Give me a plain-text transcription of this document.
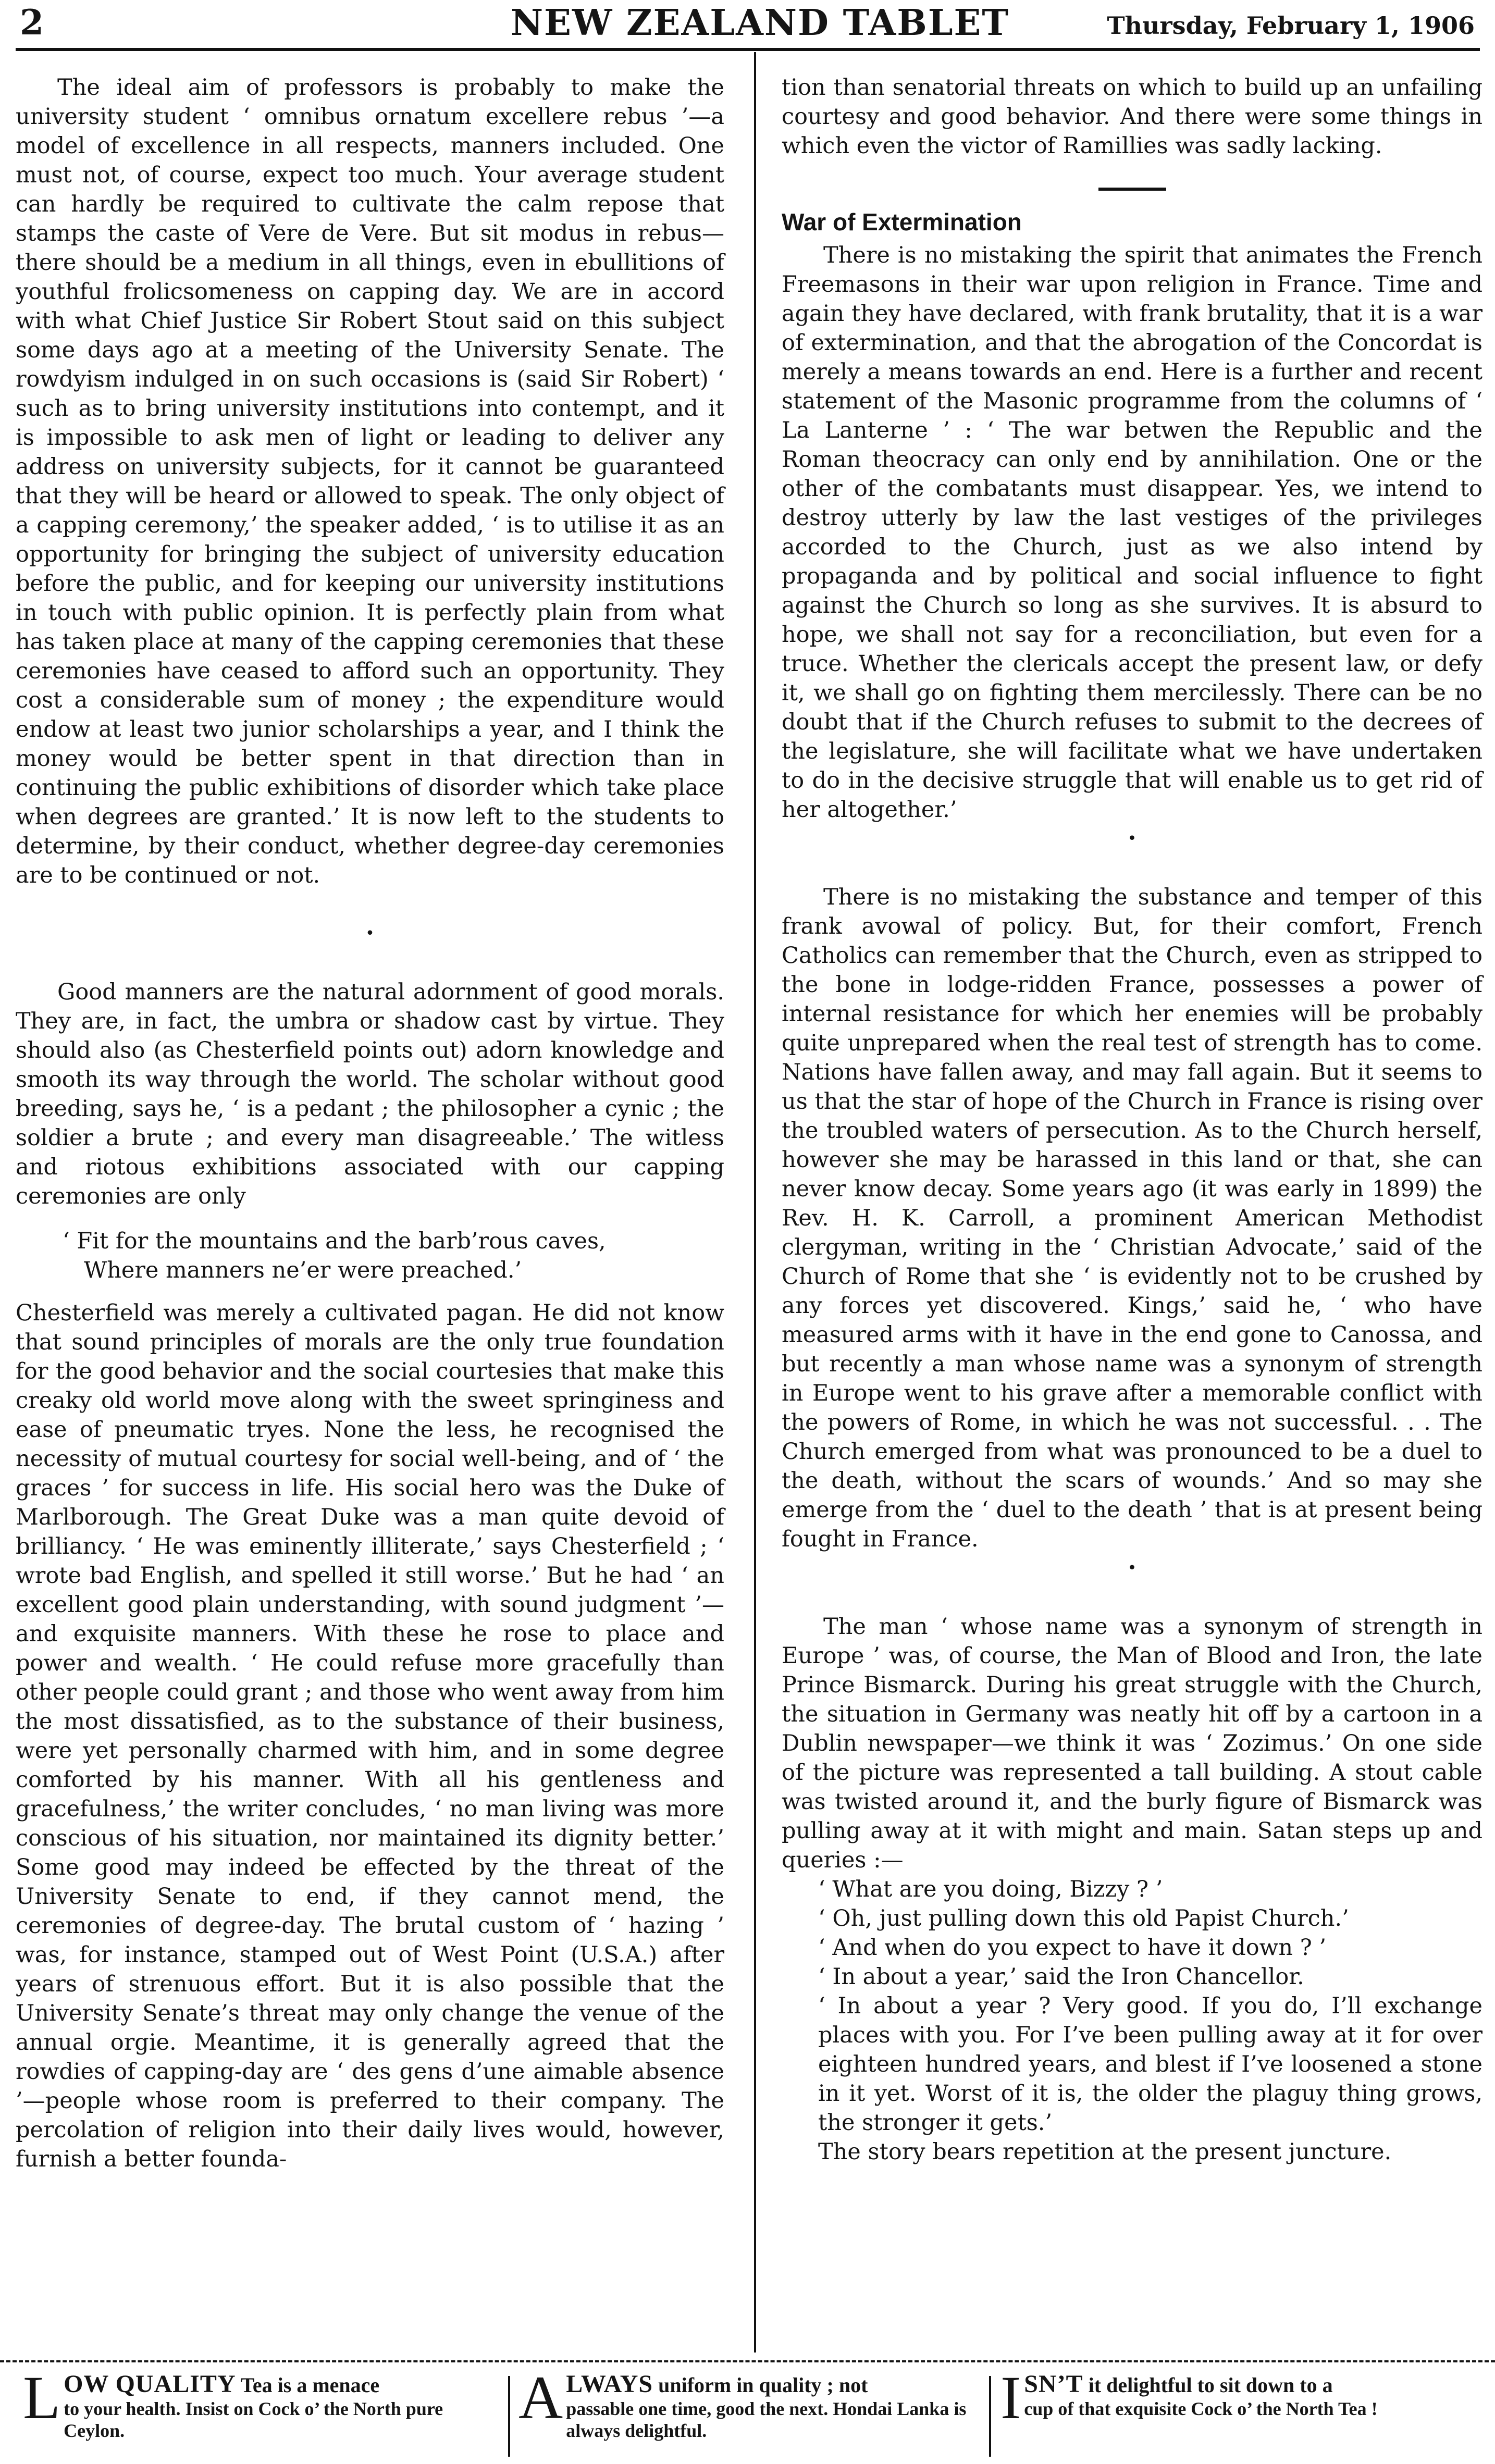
2	NEW ZEALAND TABLET	Thursday, February 1, 1906

The ideal aim of professors is probably to make the university student ‘ omnibus ornatum excellere rebus ’—a model of excellence in all respects, manners included. One must not, of course, expect too much. Your average student can hardly be required to cultivate the calm repose that stamps the caste of Vere de Vere. But sit modus in rebus—there should be a medium in all things, even in ebullitions of youthful frolicsomeness on capping day. We are in accord with what Chief Justice Sir Robert Stout said on this subject some days ago at a meeting of the University Senate. The rowdyism indulged in on such occasions is (said Sir Robert) ‘ such as to bring university institutions into contempt, and it is impossible to ask men of light or leading to deliver any address on university subjects, for it cannot be guaranteed that they will be heard or allowed to speak. The only object of a capping ceremony,’ the speaker added, ‘ is to utilise it as an opportunity for bringing the subject of university education before the public, and for keeping our university institutions in touch with public opinion. It is perfectly plain from what has taken place at many of the capping ceremonies that these ceremonies have ceased to afford such an opportunity. They cost a considerable sum of money ; the expenditure would endow at least two junior scholarships a year, and I think the money would be better spent in that direction than in continuing the public exhibitions of disorder which take place when degrees are granted.’ It is now left to the students to determine, by their conduct, whether degree-day ceremonies are to be continued or not.

•

Good manners are the natural adornment of good morals. They are, in fact, the umbra or shadow cast by virtue. They should also (as Chesterfield points out) adorn knowledge and smooth its way through the world. The scholar without good breeding, says he, ‘ is a pedant ; the philosopher a cynic ; the soldier a brute ; and every man disagreeable.’ The witless and riotous exhibitions associated with our capping ceremonies are only

‘ Fit for the mountains and the barb’rous caves,
Where manners ne’er were preached.’

Chesterfield was merely a cultivated pagan. He did not know that sound principles of morals are the only true foundation for the good behavior and the social courtesies that make this creaky old world move along with the sweet springiness and ease of pneumatic tryes. None the less, he recognised the necessity of mutual courtesy for social well-being, and of ‘ the graces ’ for success in life. His social hero was the Duke of Marlborough. The Great Duke was a man quite devoid of brilliancy. ‘ He was eminently illiterate,’ says Chesterfield ; ‘ wrote bad English, and spelled it still worse.’ But he had ‘ an excellent good plain understanding, with sound judgment ’—and exquisite manners. With these he rose to place and power and wealth. ‘ He could refuse more gracefully than other people could grant ; and those who went away from him the most dissatisfied, as to the substance of their business, were yet personally charmed with him, and in some degree comforted by his manner. With all his gentleness and gracefulness,’ the writer concludes, ‘ no man living was more conscious of his situation, nor maintained its dignity better.’ Some good may indeed be effected by the threat of the University Senate to end, if they cannot mend, the ceremonies of degree-day. The brutal custom of ‘ hazing ’ was, for instance, stamped out of West Point (U.S.A.) after years of strenuous effort. But it is also possible that the University Senate’s threat may only change the venue of the annual orgie. Meantime, it is generally agreed that the rowdies of capping-day are ‘ des gens d’une aimable absence ’—people whose room is preferred to their company. The percolation of religion into their daily lives would, however, furnish a better founda-

tion than senatorial threats on which to build up an unfailing courtesy and good behavior. And there were some things in which even the victor of Ramillies was sadly lacking.

War of Extermination

There is no mistaking the spirit that animates the French Freemasons in their war upon religion in France. Time and again they have declared, with frank brutality, that it is a war of extermination, and that the abrogation of the Concordat is merely a means towards an end. Here is a further and recent statement of the Masonic programme from the columns of ‘ La Lanterne ’ : ‘ The war betwen the Republic and the Roman theocracy can only end by annihilation. One or the other of the combatants must disappear. Yes, we intend to destroy utterly by law the last vestiges of the privileges accorded to the Church, just as we also intend by propaganda and by political and social influence to fight against the Church so long as she survives. It is absurd to hope, we shall not say for a reconciliation, but even for a truce. Whether the clericals accept the present law, or defy it, we shall go on fighting them mercilessly. There can be no doubt that if the Church refuses to submit to the decrees of the legislature, she will facilitate what we have undertaken to do in the decisive struggle that will enable us to get rid of her altogether.’

•

There is no mistaking the substance and temper of this frank avowal of policy. But, for their comfort, French Catholics can remember that the Church, even as stripped to the bone in lodge-ridden France, possesses a power of internal resistance for which her enemies will be probably quite unprepared when the real test of strength has to come. Nations have fallen away, and may fall again. But it seems to us that the star of hope of the Church in France is rising over the troubled waters of persecution. As to the Church herself, however she may be harassed in this land or that, she can never know decay. Some years ago (it was early in 1899) the Rev. H. K. Carroll, a prominent American Methodist clergyman, writing in the ‘ Christian Advocate,’ said of the Church of Rome that she ‘ is evidently not to be crushed by any forces yet discovered. Kings,’ said he, ‘ who have measured arms with it have in the end gone to Canossa, and but recently a man whose name was a synonym of strength in Europe went to his grave after a memorable conflict with the powers of Rome, in which he was not successful. . . The Church emerged from what was pronounced to be a duel to the death, without the scars of wounds.’ And so may she emerge from the ‘ duel to the death ’ that is at present being fought in France.

•

The man ‘ whose name was a synonym of strength in Europe ’ was, of course, the Man of Blood and Iron, the late Prince Bismarck. During his great struggle with the Church, the situation in Germany was neatly hit off by a cartoon in a Dublin newspaper—we think it was ‘ Zozimus.’ On one side of the picture was represented a tall building. A stout cable was twisted around it, and the burly figure of Bismarck was pulling away at it with might and main. Satan steps up and queries :—

‘ What are you doing, Bizzy ? ’
‘ Oh, just pulling down this old Papist Church.’
‘ And when do you expect to have it down ? ’
‘ In about a year,’ said the Iron Chancellor.
‘ In about a year ? Very good. If you do, I’ll exchange places with you. For I’ve been pulling away at it for over eighteen hundred years, and blest if I’ve loosened a stone in it yet. Worst of it is, the older the plaguy thing grows, the stronger it gets.’
The story bears repetition at the present juncture.
L OW QUALITY Tea is a menace
to your health. Insist on Cock o’ the North pure Ceylon.	A LWAYS uniform in quality ; not
passable one time, good the next. Hondai Lanka is always delightful.	I SN’T it delightful to sit down to a
cup of that exquisite Cock o’ the North Tea !
